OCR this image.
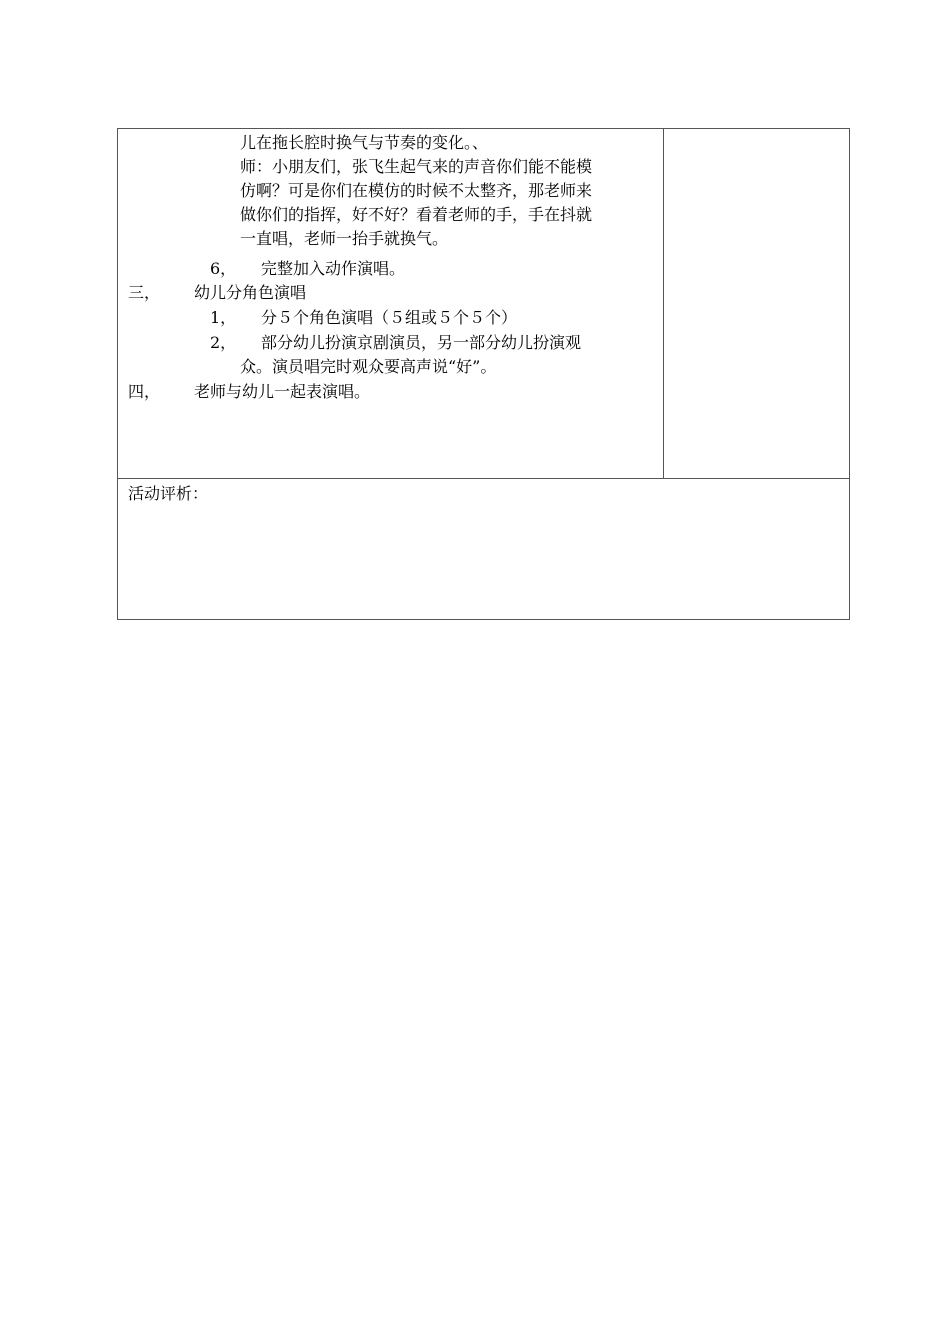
儿在拖长腔时换气与节奏的变化。、
师：小朋友们，张飞生起气来的声音你们能不能模
仿啊？可是你们在模仿的时候不太整齐，那老师来
做你们的指挥，好不好？看着老师的手，手在抖就
一直唱，老师一抬手就换气。
6， 完整加入动作演唱。
三， 幼儿分角色演唱
1， 分５个角色演唱（５组或５个５个）
2， 部分幼儿扮演京剧演员，另一部分幼儿扮演观
众。演员唱完时观众要高声说“好”。
四， 老师与幼儿一起表演唱。
活动评析：
